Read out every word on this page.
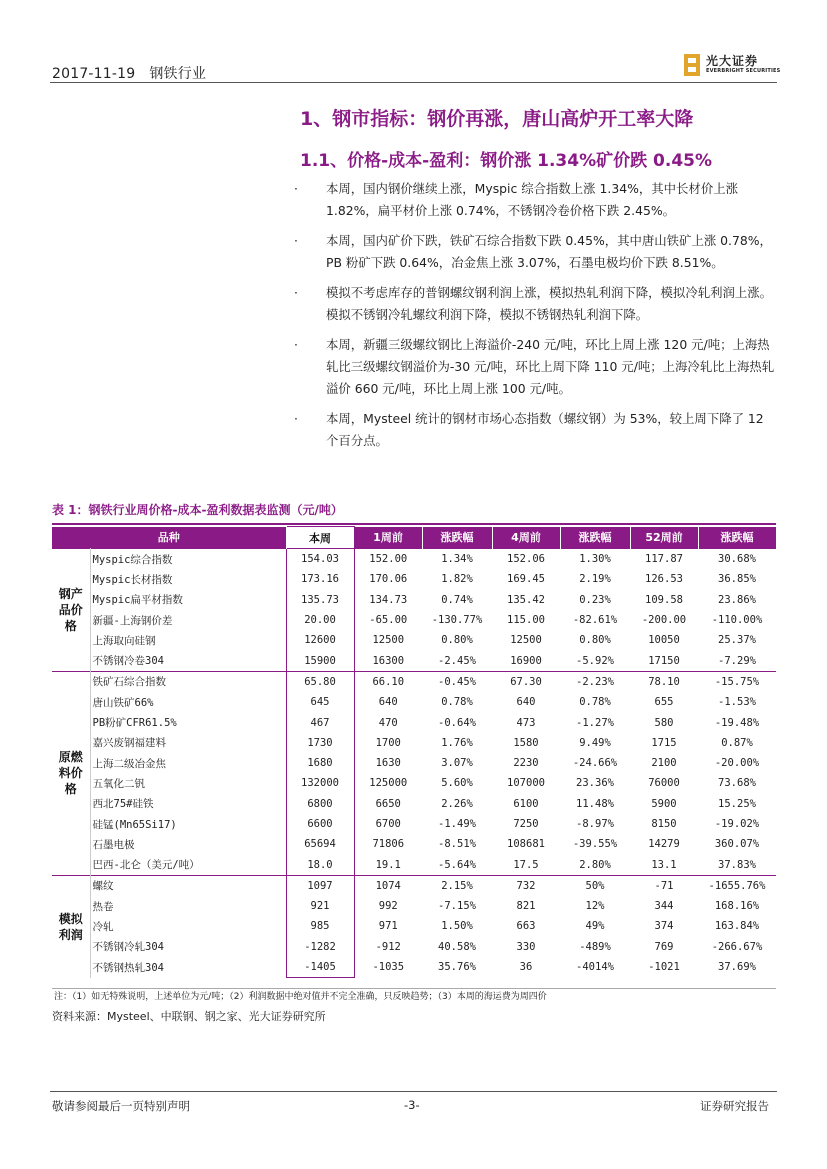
2017-11-19 钢铁行业
光大证券
EVERBRIGHT SECURITIES
1、钢市指标：钢价再涨，唐山高炉开工率大降
1.1、价格-成本-盈利：钢价涨 1.34%矿价跌 0.45%
· 本周，国内钢价继续上涨，Myspic 综合指数上涨 1.34%，其中长材价上涨 1.82%，扁平材价上涨 0.74%，不锈钢冷卷价格下跌 2.45%。
· 本周，国内矿价下跌，铁矿石综合指数下跌 0.45%，其中唐山铁矿上涨 0.78%，PB 粉矿下跌 0.64%，冶金焦上涨 3.07%，石墨电极均价下跌 8.51%。
· 模拟不考虑库存的普钢螺纹钢利润上涨，模拟热轧利润下降，模拟冷轧利润上涨。模拟不锈钢冷轧螺纹利润下降，模拟不锈钢热轧利润下降。
· 本周，新疆三级螺纹钢比上海溢价-240 元/吨，环比上周上涨 120 元/吨；上海热轧比三级螺纹钢溢价为-30 元/吨，环比上周下降 110 元/吨；上海冷轧比上海热轧溢价 660 元/吨，环比上周上涨 100 元/吨。
· 本周，Mysteel 统计的钢材市场心态指数（螺纹钢）为 53%，较上周下降了 12 个百分点。
表 1：钢铁行业周价格-成本-盈利数据表监测（元/吨）
品种		本周	1周前	涨跌幅	4周前	涨跌幅	52周前	涨跌幅

钢产品价格	Myspic综合指数	154.03	152.00	1.34%	152.06	1.30%	117.87	30.68%
	Myspic长材指数	173.16	170.06	1.82%	169.45	2.19%	126.53	36.85%
	Myspic扁平材指数	135.73	134.73	0.74%	135.42	0.23%	109.58	23.86%
	新疆-上海钢价差	20.00	-65.00	-130.77%	115.00	-82.61%	-200.00	-110.00%
	上海取向硅钢	12600	12500	0.80%	12500	0.80%	10050	25.37%
	不锈钢冷卷304	15900	16300	-2.45%	16900	-5.92%	17150	-7.29%

原燃料价格	铁矿石综合指数	65.80	66.10	-0.45%	67.30	-2.23%	78.10	-15.75%
	唐山铁矿66%	645	640	0.78%	640	0.78%	655	-1.53%
	PB粉矿CFR61.5%	467	470	-0.64%	473	-1.27%	580	-19.48%
	嘉兴废钢福建料	1730	1700	1.76%	1580	9.49%	1715	0.87%
	上海二级冶金焦	1680	1630	3.07%	2230	-24.66%	2100	-20.00%
	五氧化二钒	132000	125000	5.60%	107000	23.36%	76000	73.68%
	西北75#硅铁	6800	6650	2.26%	6100	11.48%	5900	15.25%
	硅锰(Mn65Si17)	6600	6700	-1.49%	7250	-8.97%	8150	-19.02%
	石墨电极	65694	71806	-8.51%	108681	-39.55%	14279	360.07%
	巴西-北仑（美元/吨）	18.0	19.1	-5.64%	17.5	2.80%	13.1	37.83%

模拟利润	螺纹	1097	1074	2.15%	732	50%	-71	-1655.76%
	热卷	921	992	-7.15%	821	12%	344	168.16%
	冷轧	985	971	1.50%	663	49%	374	163.84%
	不锈钢冷轧304	-1282	-912	40.58%	330	-489%	769	-266.67%
	不锈钢热轧304	-1405	-1035	35.76%	36	-4014%	-1021	37.69%
注：（1）如无特殊说明，上述单位为元/吨；（2）利润数据中绝对值并不完全准确，只反映趋势；（3）本周的海运费为周四价
资料来源：Mysteel、中联钢、钢之家、光大证券研究所
敬请参阅最后一页特别声明	-3-	证券研究报告
